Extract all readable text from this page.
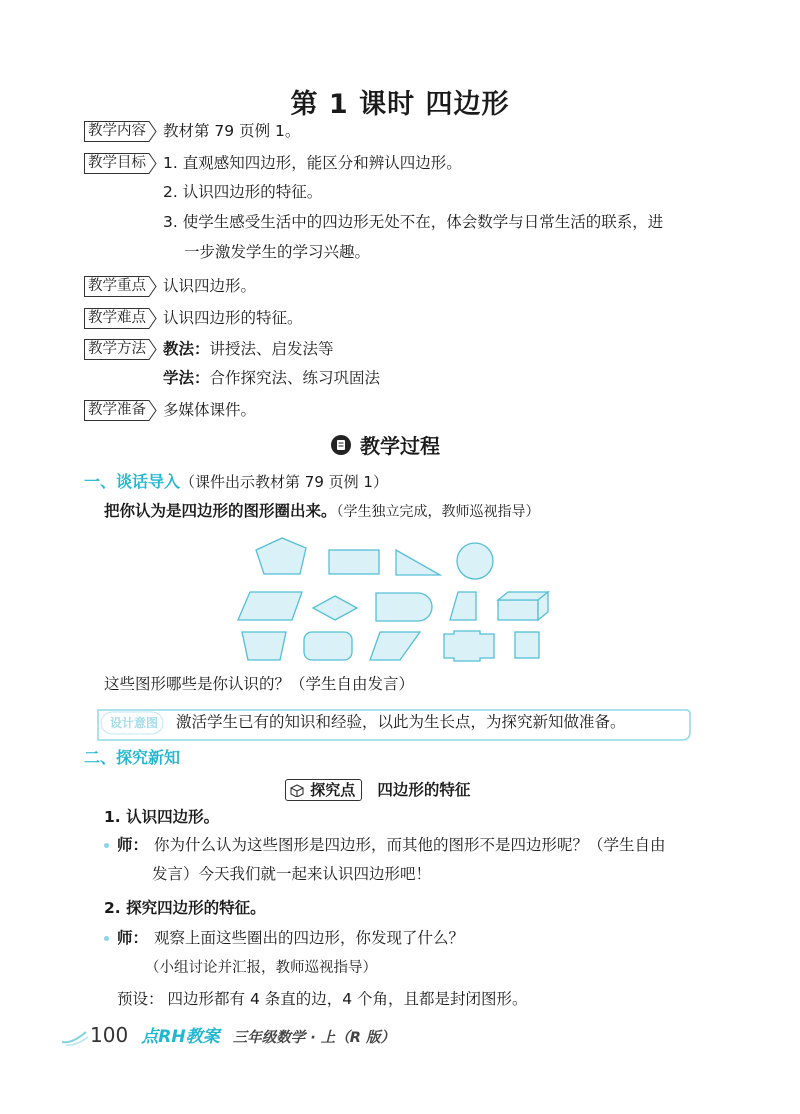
第 1 课时 四边形
教学内容	教材第 79 页例 1。
教学目标	1. 直观感知四边形，能区分和辨认四边形。
2. 认识四边形的特征。
3. 使学生感受生活中的四边形无处不在，体会数学与日常生活的联系，进
一步激发学生的学习兴趣。
教学重点	认识四边形。
教学难点	认识四边形的特征。
教学方法	教法：讲授法、启发法等
学法：合作探究法、练习巩固法
教学准备	多媒体课件。
教学过程
一、谈话导入（课件出示教材第 79 页例 1）
把你认为是四边形的图形圈出来。（学生独立完成，教师巡视指导）
这些图形哪些是你认识的？（学生自由发言）
设计意图 激活学生已有的知识和经验，以此为生长点，为探究新知做准备。
二、探究新知
探究点 四边形的特征
1. 认识四边形。
师： 你为什么认为这些图形是四边形，而其他的图形不是四边形呢？（学生自由
发言）今天我们就一起来认识四边形吧！
2. 探究四边形的特征。
师： 观察上面这些圈出的四边形，你发现了什么？
（小组讨论并汇报，教师巡视指导）
预设： 四边形都有 4 条直的边，4 个角，且都是封闭图形。
100 点RH教案 三年级数学 · 上（R 版）
